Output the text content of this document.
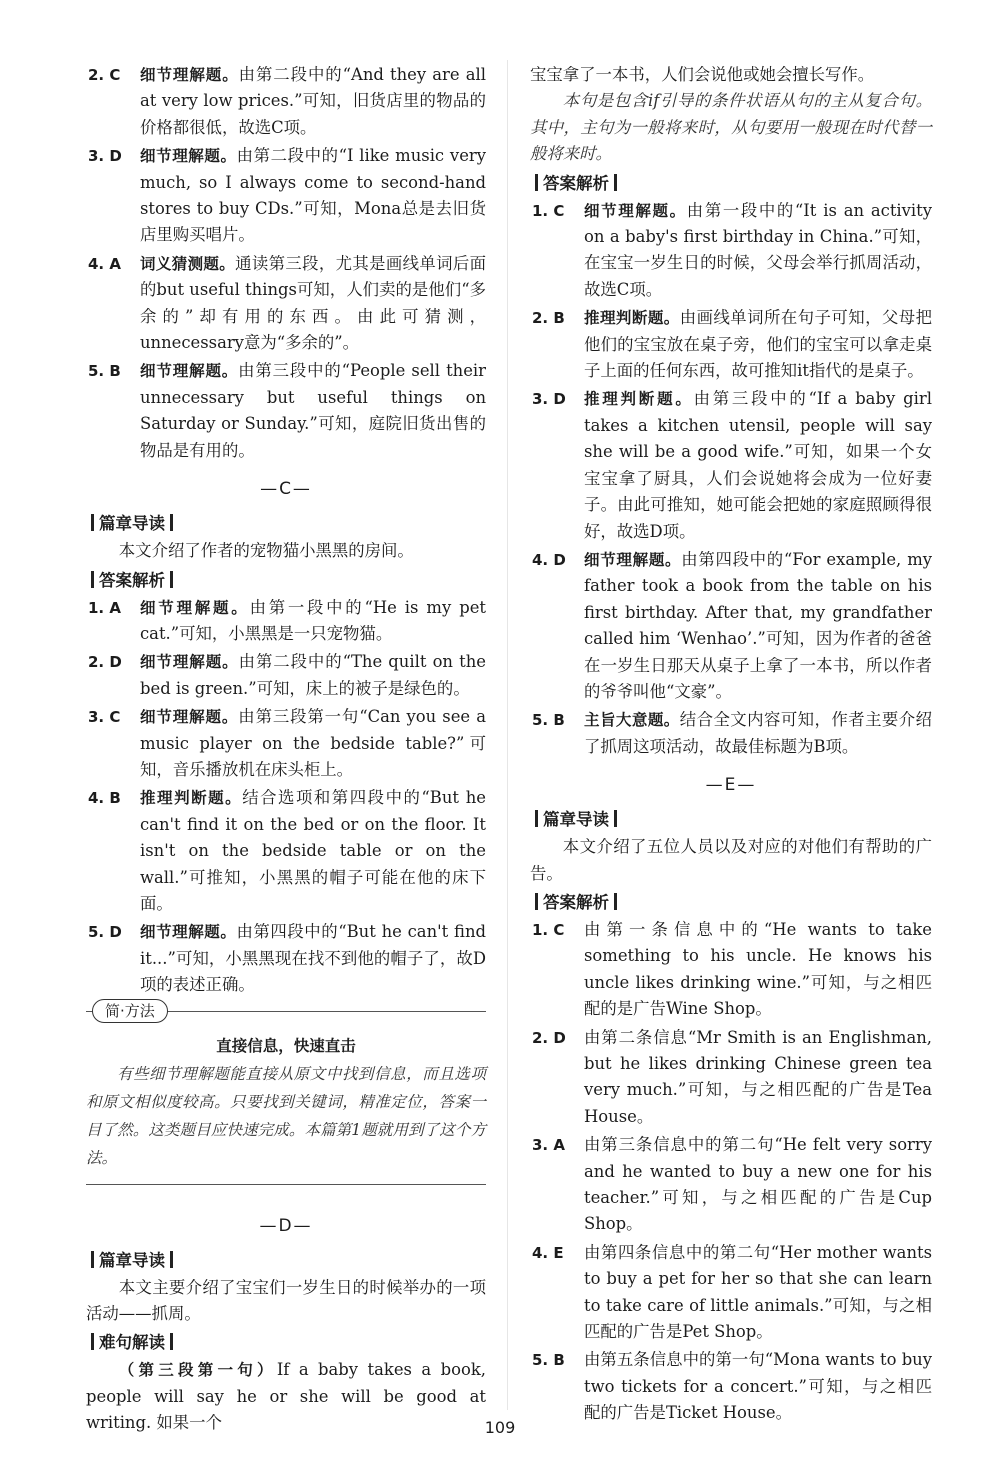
2. C 细节理解题。由第二段中的“And they are all at very low prices.”可知，旧货店里的物品的价格都很低，故选C项。
3. D 细节理解题。由第二段中的“I like music very much, so I always come to second-hand stores to buy CDs.”可知，Mona总是去旧货店里购买唱片。
4. A 词义猜测题。通读第三段，尤其是画线单词后面的but useful things可知，人们卖的是他们“多余的”却有用的东西。由此可猜测，unnecessary意为“多余的”。
5. B 细节理解题。由第三段中的“People sell their unnecessary but useful things on Saturday or Sunday.”可知，庭院旧货出售的物品是有用的。
—C—
篇章导读
本文介绍了作者的宠物猫小黑黑的房间。
答案解析
1. A 细节理解题。由第一段中的“He is my pet cat.”可知，小黑黑是一只宠物猫。
2. D 细节理解题。由第二段中的“The quilt on the bed is green.”可知，床上的被子是绿色的。
3. C 细节理解题。由第三段第一句“Can you see a music player on the bedside table?”可知，音乐播放机在床头柜上。
4. B 推理判断题。结合选项和第四段中的“But he can't find it on the bed or on the floor. It isn't on the bedside table or on the wall.”可推知，小黑黑的帽子可能在他的床下面。
5. D 细节理解题。由第四段中的“But he can't find it...”可知，小黑黑现在找不到他的帽子了，故D项的表述正确。
简·方法
直接信息，快速直击
有些细节理解题能直接从原文中找到信息，而且选项和原文相似度较高。只要找到关键词，精准定位，答案一目了然。这类题目应快速完成。本篇第1题就用到了这个方法。
—D—
篇章导读
本文主要介绍了宝宝们一岁生日的时候举办的一项活动——抓周。
难句解读
（第三段第一句）If a baby takes a book, people will say he or she will be good at writing. 如果一个
宝宝拿了一本书，人们会说他或她会擅长写作。
本句是包含if引导的条件状语从句的主从复合句。其中，主句为一般将来时，从句要用一般现在时代替一般将来时。
答案解析
1. C 细节理解题。由第一段中的“It is an activity on a baby's first birthday in China.”可知，在宝宝一岁生日的时候，父母会举行抓周活动，故选C项。
2. B 推理判断题。由画线单词所在句子可知，父母把他们的宝宝放在桌子旁，他们的宝宝可以拿走桌子上面的任何东西，故可推知it指代的是桌子。
3. D 推理判断题。由第三段中的“If a baby girl takes a kitchen utensil, people will say she will be a good wife.”可知，如果一个女宝宝拿了厨具，人们会说她将会成为一位好妻子。由此可推知，她可能会把她的家庭照顾得很好，故选D项。
4. D 细节理解题。由第四段中的“For example, my father took a book from the table on his first birthday. After that, my grandfather called him ‘Wenhao’.”可知，因为作者的爸爸在一岁生日那天从桌子上拿了一本书，所以作者的爷爷叫他“文豪”。
5. B 主旨大意题。结合全文内容可知，作者主要介绍了抓周这项活动，故最佳标题为B项。
—E—
篇章导读
本文介绍了五位人员以及对应的对他们有帮助的广告。
答案解析
1. C 由第一条信息中的“He wants to take something to his uncle. He knows his uncle likes drinking wine.”可知，与之相匹配的是广告Wine Shop。
2. D 由第二条信息“Mr Smith is an Englishman, but he likes drinking Chinese green tea very much.”可知，与之相匹配的广告是Tea House。
3. A 由第三条信息中的第二句“He felt very sorry and he wanted to buy a new one for his teacher.”可知，与之相匹配的广告是Cup Shop。
4. E 由第四条信息中的第二句“Her mother wants to buy a pet for her so that she can learn to take care of little animals.”可知，与之相匹配的广告是Pet Shop。
5. B 由第五条信息中的第一句“Mona wants to buy two tickets for a concert.”可知，与之相匹配的广告是Ticket House。
109
